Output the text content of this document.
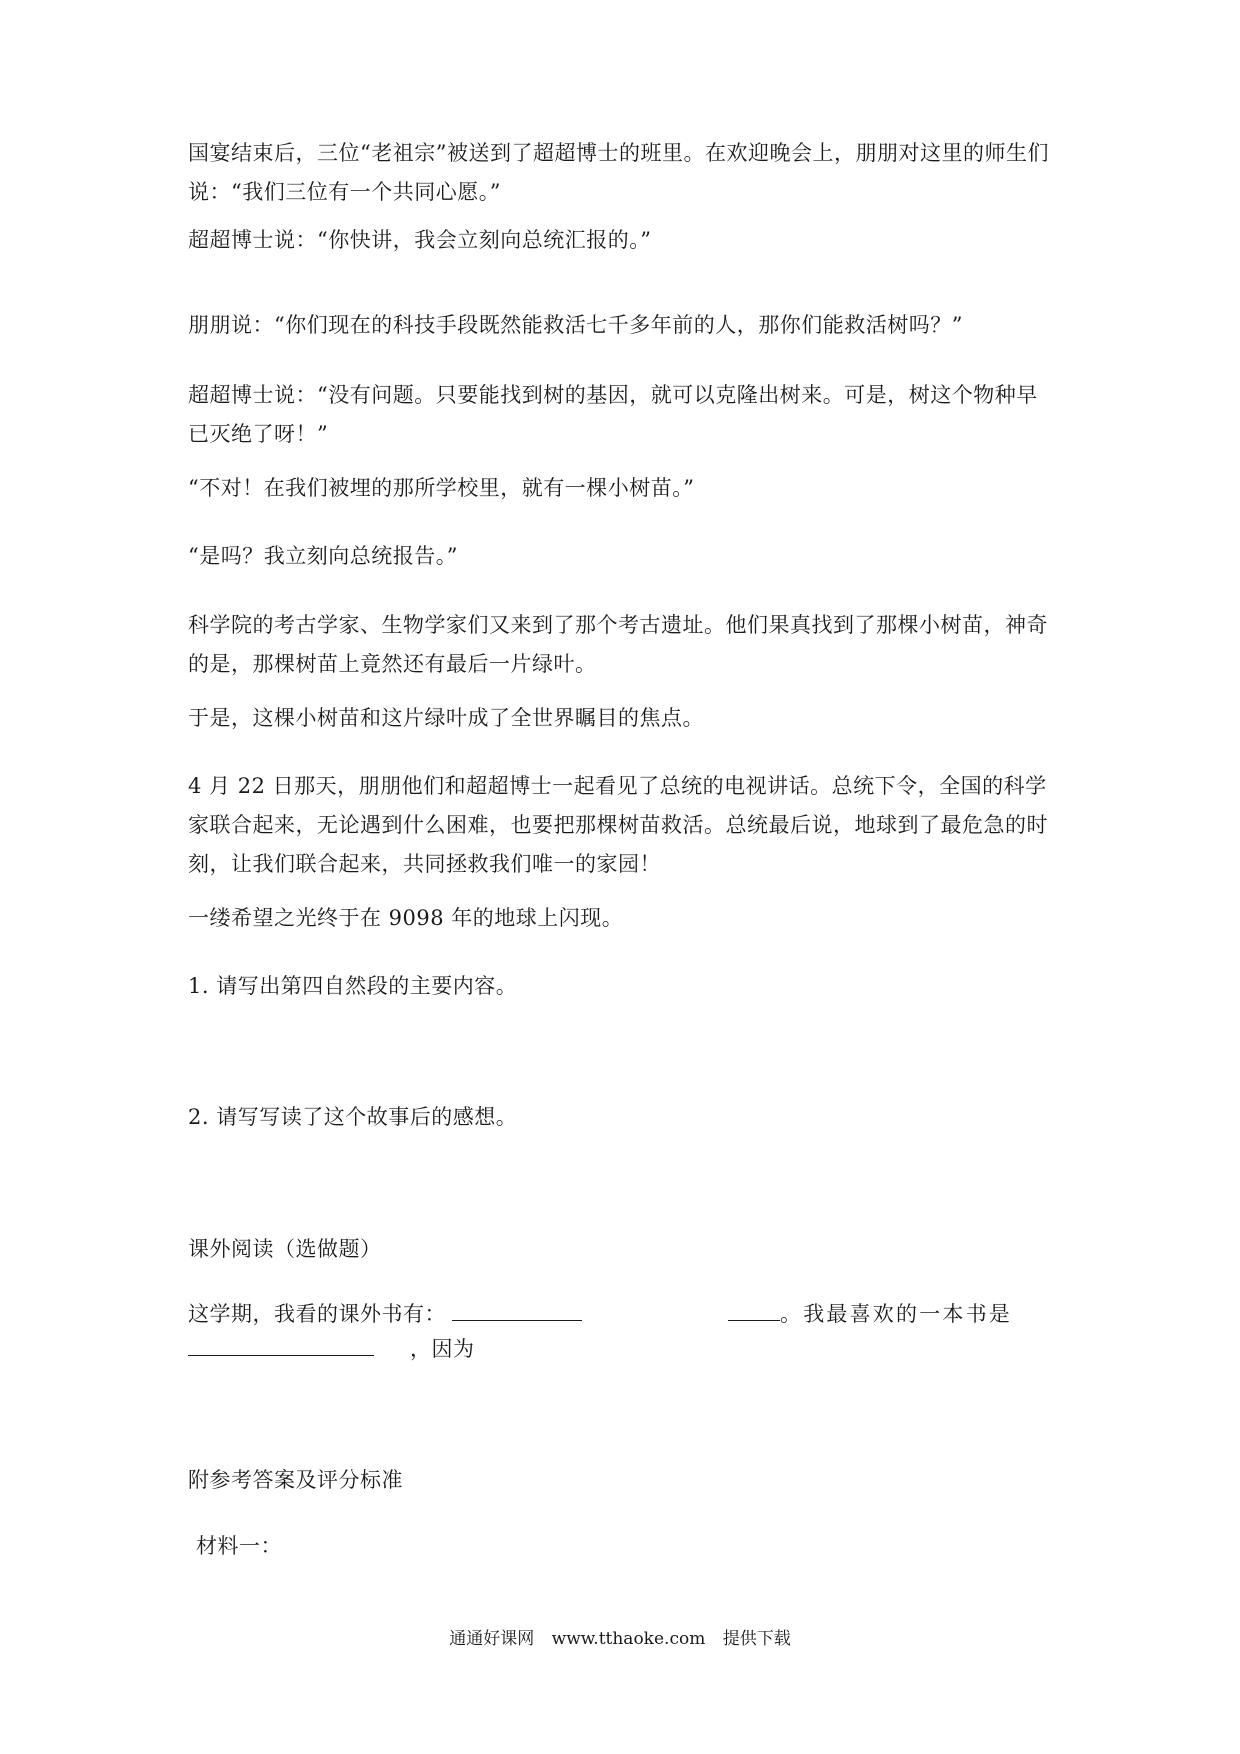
国宴结束后，三位“老祖宗”被送到了超超博士的班里。在欢迎晚会上，朋朋对这里的师生们说：“我们三位有一个共同心愿。”

超超博士说：“你快讲，我会立刻向总统汇报的。”

朋朋说：“你们现在的科技手段既然能救活七千多年前的人，那你们能救活树吗？”

超超博士说：“没有问题。只要能找到树的基因，就可以克隆出树来。可是，树这个物种早已灭绝了呀！”

“不对！在我们被埋的那所学校里，就有一棵小树苗。”

“是吗？我立刻向总统报告。”

科学院的考古学家、生物学家们又来到了那个考古遗址。他们果真找到了那棵小树苗，神奇的是，那棵树苗上竟然还有最后一片绿叶。

于是，这棵小树苗和这片绿叶成了全世界瞩目的焦点。

4 月 22 日那天，朋朋他们和超超博士一起看见了总统的电视讲话。总统下令，全国的科学家联合起来，无论遇到什么困难，也要把那棵树苗救活。总统最后说，地球到了最危急的时刻，让我们联合起来，共同拯救我们唯一的家园！

一缕希望之光终于在 9098 年的地球上闪现。

1. 请写出第四自然段的主要内容。

2. 请写写读了这个故事后的感想。

课外阅读（选做题）

这学期，我看的课外书有：	。我最喜欢的一本书是

，因为

附参考答案及评分标准

材料一：

通通好课网 www.tthaoke.com 提供下载
